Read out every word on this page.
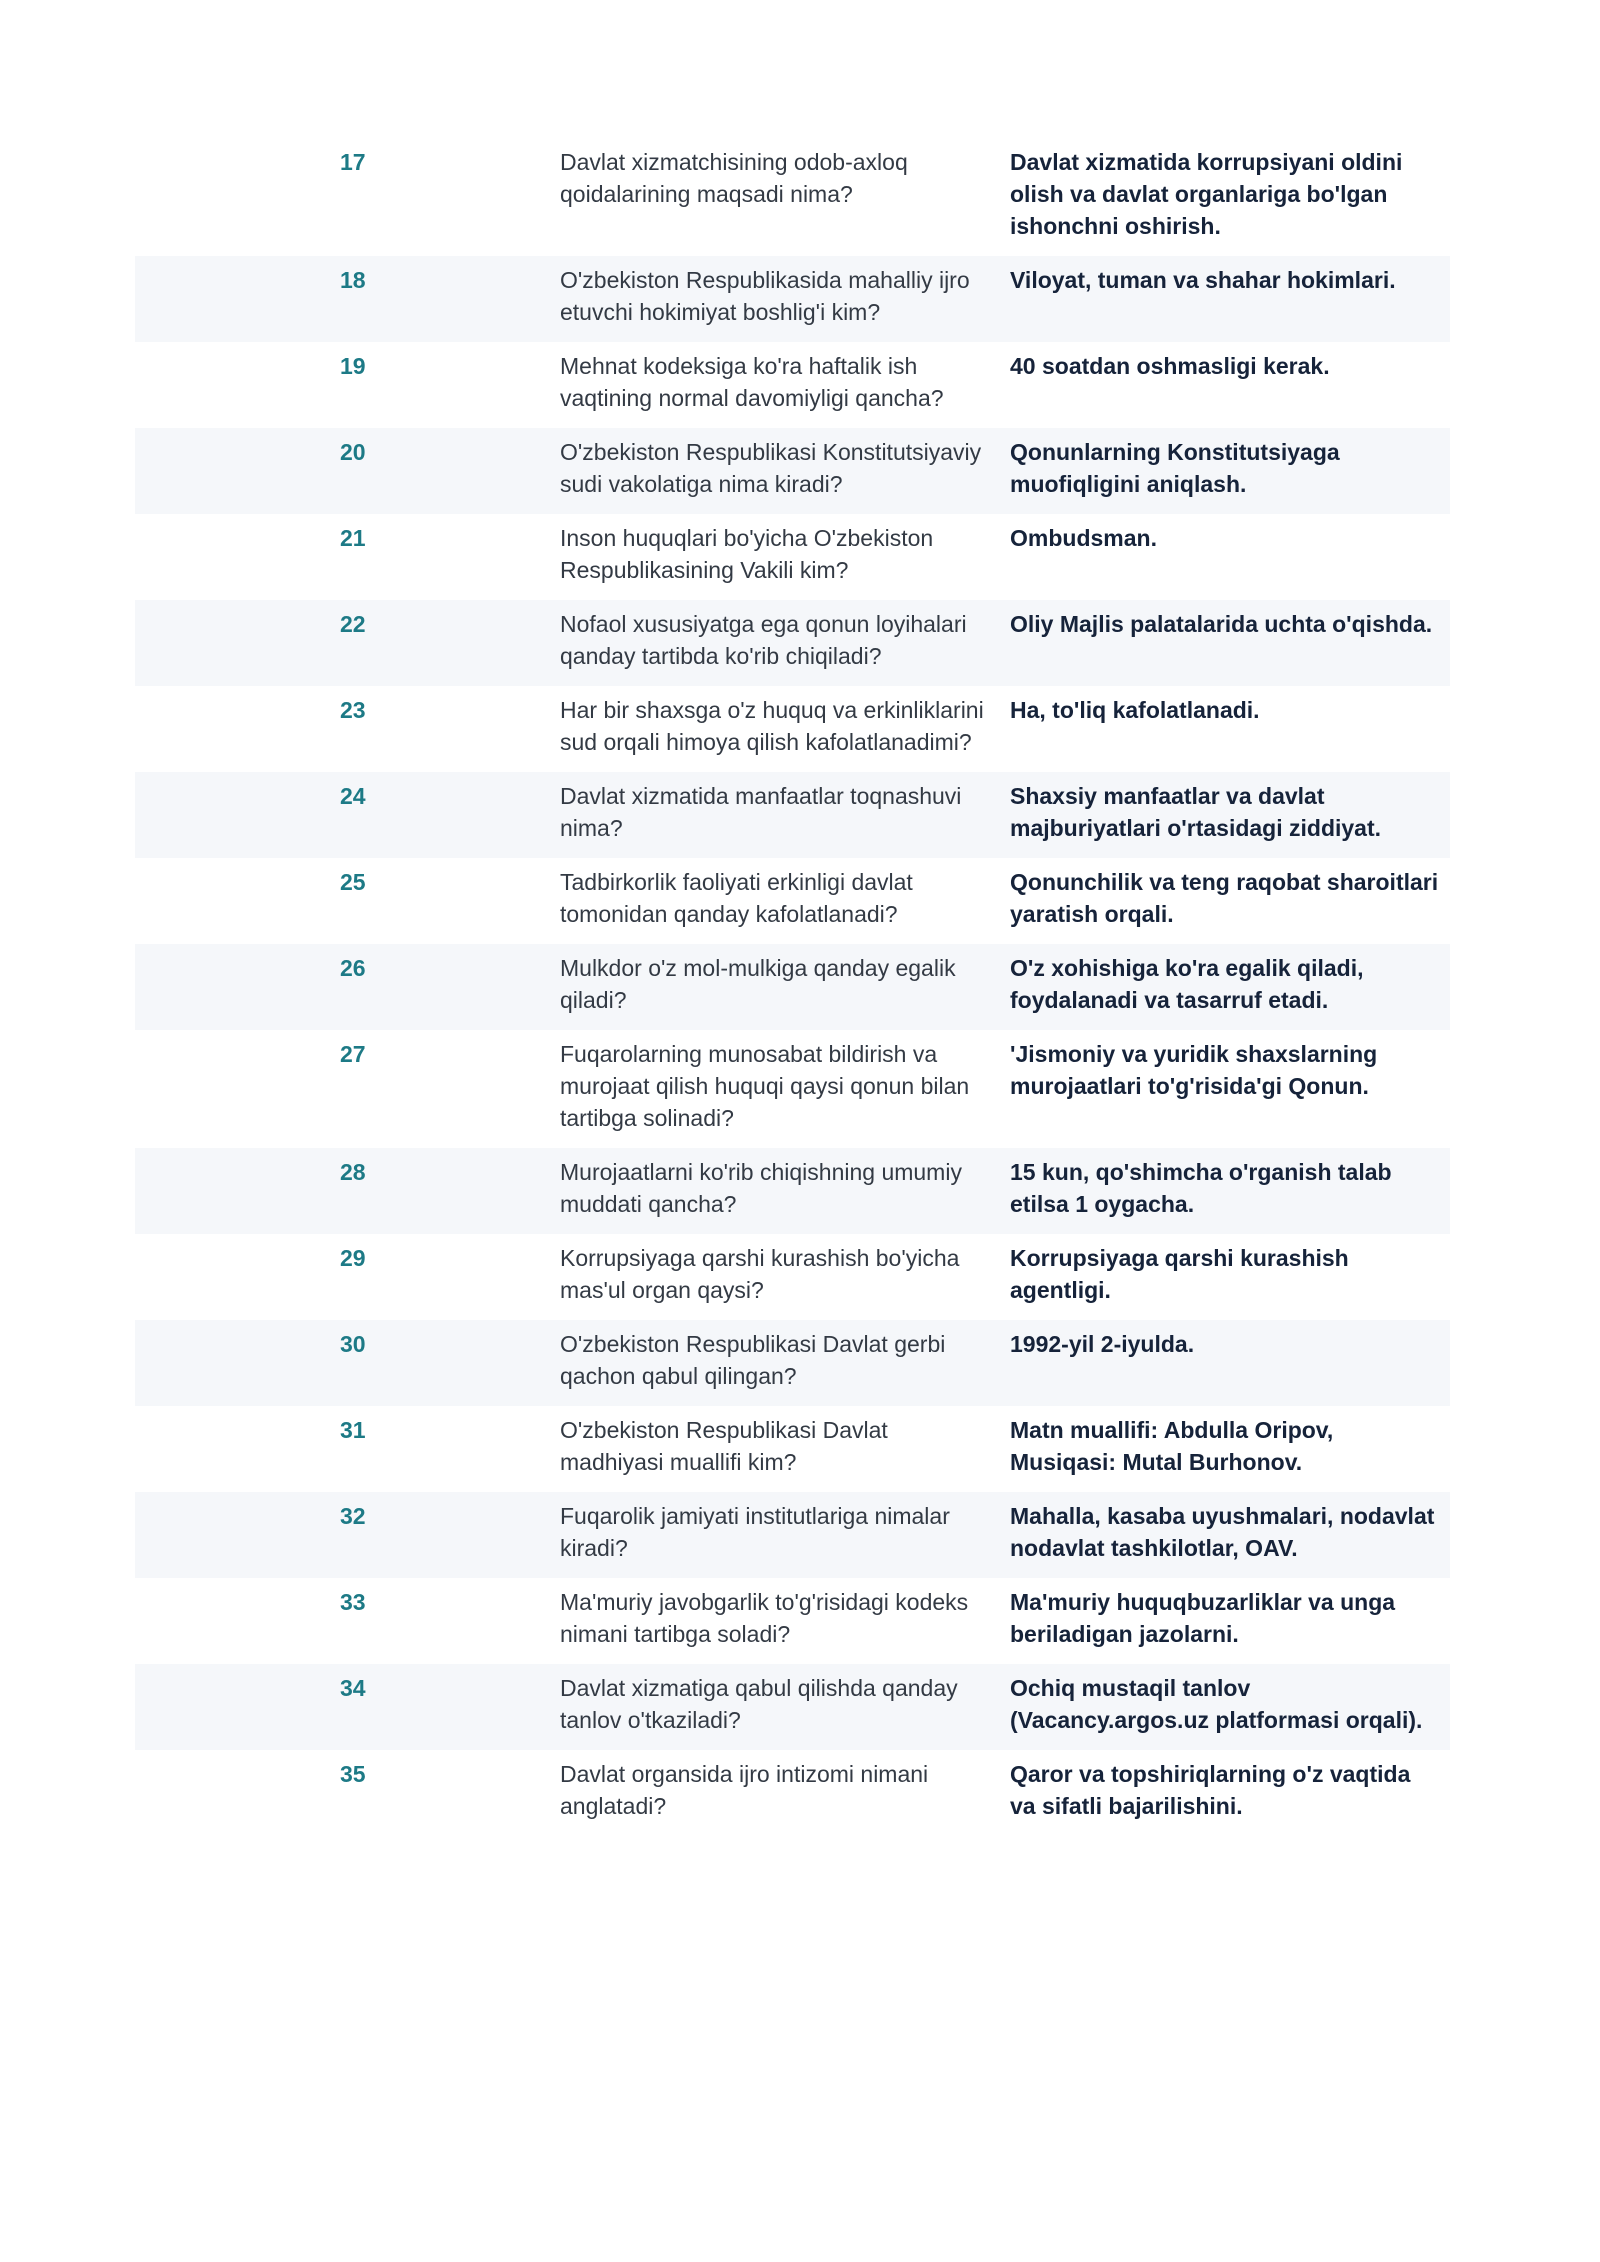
17	Davlat xizmatchisining odob-axloq qoidalarining maqsadi nima?	Davlat xizmatida korrupsiyani oldini olish va davlat organlariga bo'lgan ishonchni oshirish.
18	O'zbekiston Respublikasida mahalliy ijro etuvchi hokimiyat boshlig'i kim?	Viloyat, tuman va shahar hokimlari.
19	Mehnat kodeksiga ko'ra haftalik ish vaqtining normal davomiyligi qancha?	40 soatdan oshmasligi kerak.
20	O'zbekiston Respublikasi Konstitutsiyaviy sudi vakolatiga nima kiradi?	Qonunlarning Konstitutsiyaga muofiqligini aniqlash.
21	Inson huquqlari bo'yicha O'zbekiston Respublikasining Vakili kim?	Ombudsman.
22	Nofaol xususiyatga ega qonun loyihalari qanday tartibda ko'rib chiqiladi?	Oliy Majlis palatalarida uchta o'qishda.
23	Har bir shaxsga o'z huquq va erkinliklarini sud orqali himoya qilish kafolatlanadimi?	Ha, to'liq kafolatlanadi.
24	Davlat xizmatida manfaatlar toqnashuvi nima?	Shaxsiy manfaatlar va davlat majburiyatlari o'rtasidagi ziddiyat.
25	Tadbirkorlik faoliyati erkinligi davlat tomonidan qanday kafolatlanadi?	Qonunchilik va teng raqobat sharoitlari yaratish orqali.
26	Mulkdor o'z mol-mulkiga qanday egalik qiladi?	O'z xohishiga ko'ra egalik qiladi, foydalanadi va tasarruf etadi.
27	Fuqarolarning munosabat bildirish va murojaat qilish huquqi qaysi qonun bilan tartibga solinadi?	'Jismoniy va yuridik shaxslarning murojaatlari to'g'risida'gi Qonun.
28	Murojaatlarni ko'rib chiqishning umumiy muddati qancha?	15 kun, qo'shimcha o'rganish talab etilsa 1 oygacha.
29	Korrupsiyaga qarshi kurashish bo'yicha mas'ul organ qaysi?	Korrupsiyaga qarshi kurashish agentligi.
30	O'zbekiston Respublikasi Davlat gerbi qachon qabul qilingan?	1992-yil 2-iyulda.
31	O'zbekiston Respublikasi Davlat madhiyasi muallifi kim?	Matn muallifi: Abdulla Oripov, Musiqasi: Mutal Burhonov.
32	Fuqarolik jamiyati institutlariga nimalar kiradi?	Mahalla, kasaba uyushmalari, nodavlat nodavlat tashkilotlar, OAV.
33	Ma'muriy javobgarlik to'g'risidagi kodeks nimani tartibga soladi?	Ma'muriy huquqbuzarliklar va unga beriladigan jazolarni.
34	Davlat xizmatiga qabul qilishda qanday tanlov o'tkaziladi?	Ochiq mustaqil tanlov (Vacancy.argos.uz platformasi orqali).
35	Davlat organsida ijro intizomi nimani anglatadi?	Qaror va topshiriqlarning o'z vaqtida va sifatli bajarilishini.
